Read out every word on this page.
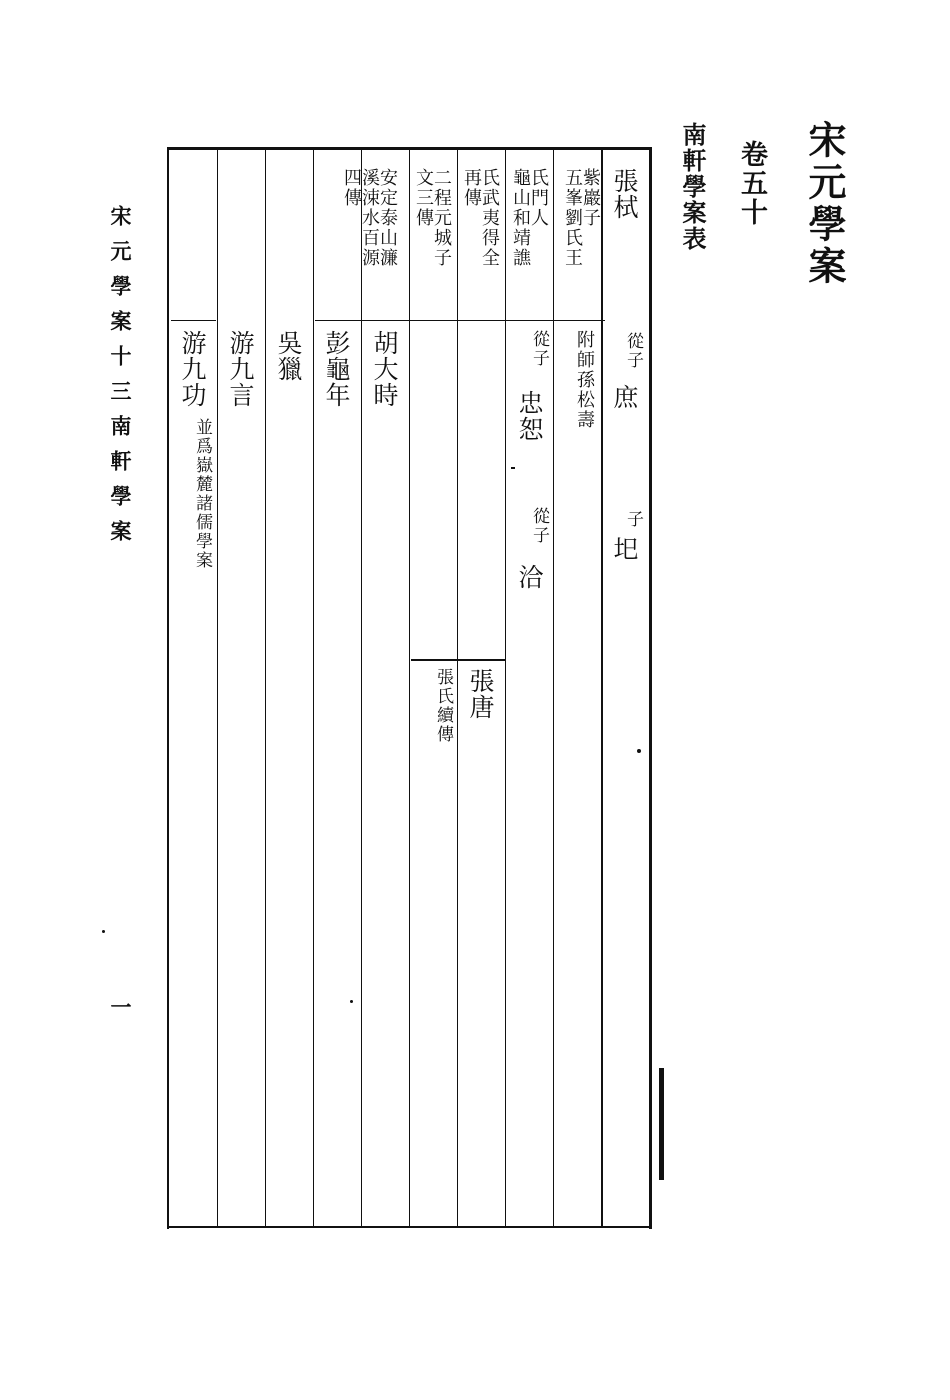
宋元學案
卷五十
南軒學案表
張栻
從子
庶
子
圯
紫巖子
五峯劉氏王
附師孫松壽
氏門人
龜山和靖譙
從子
忠恕
從子
洽
氏武夷得全
再傳
張唐
二程元城子
文三傳
張氏續傳
安定泰山濂
溪涑水百源
四傳
胡大時
彭龜年
吳獵
游九言
游九功
並爲嶽麓諸儒學案
宋元學案十三南軒學案
一
